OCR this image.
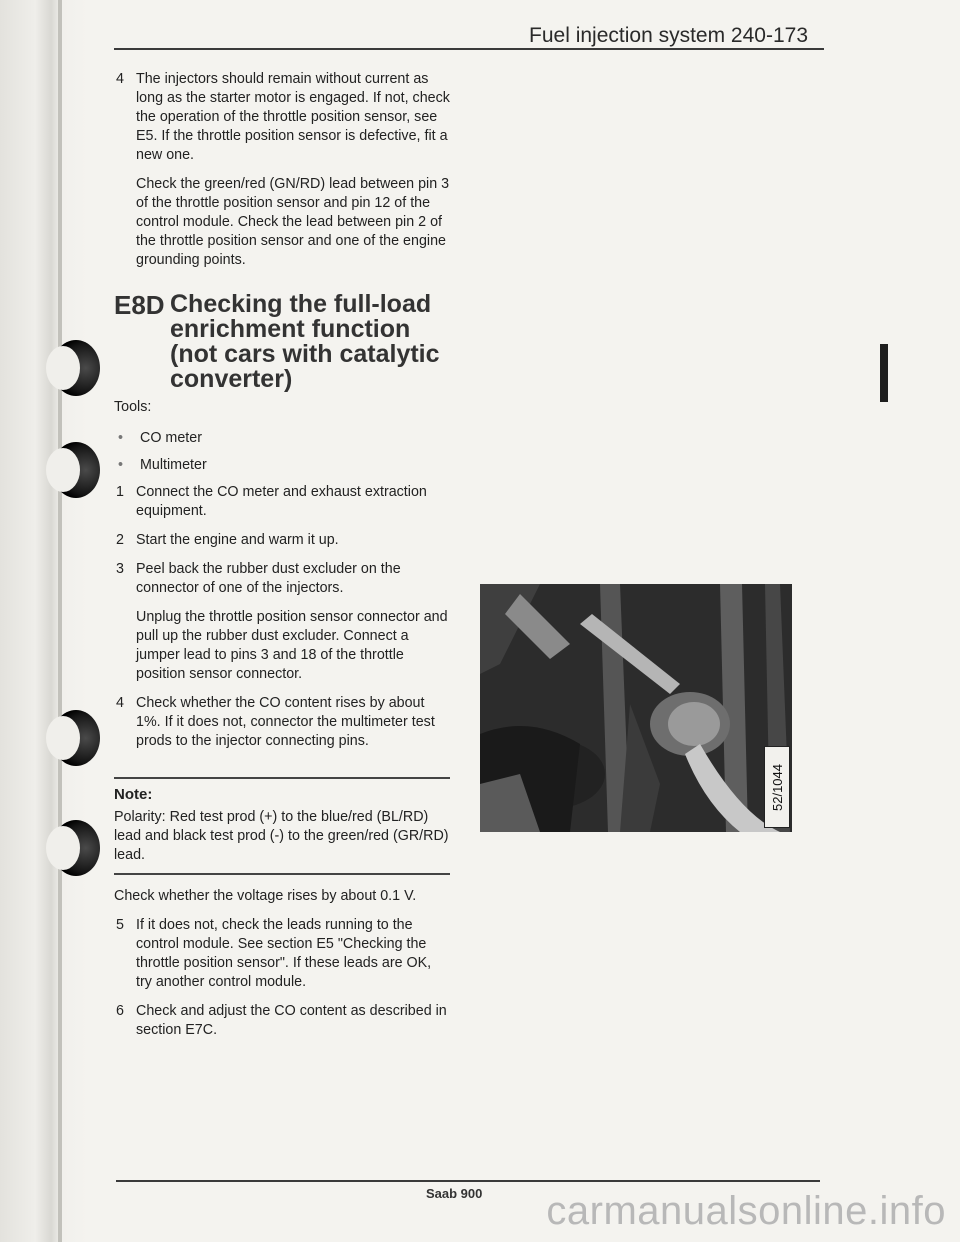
Fuel injection system 240-173
4 The injectors should remain without current as long as the starter motor is engaged. If not, check the operation of the throttle position sensor, see E5. If the throttle position sensor is defective, fit a new one.

Check the green/red (GN/RD) lead between pin 3 of the throttle position sensor and pin 12 of the control module. Check the lead between pin 2 of the throttle position sensor and one of the engine grounding points.

E8D Checking the full-load enrichment function (not cars with catalytic converter)
Tools:
•	CO meter
•	Multimeter
1 Connect the CO meter and exhaust extraction equipment.
2 Start the engine and warm it up.
3 Peel back the rubber dust excluder on the connector of one of the injectors.

Unplug the throttle position sensor connector and pull up the rubber dust excluder. Connect a jumper lead to pins 3 and 18 of the throttle position sensor connector.

4 Check whether the CO content rises by about 1%. If it does not, connector the multimeter test prods to the injector connecting pins.
Note:
Polarity: Red test prod (+) to the blue/red (BL/RD) lead and black test prod (-) to the green/red (GR/RD) lead.

Check whether the voltage rises by about 0.1 V.

5 If it does not, check the leads running to the control module. See section E5 "Checking the throttle position sensor". If these leads are OK, try another control module.
6 Check and adjust the CO content as described in section E7C.
52/1044
Saab 900 carmanualsonline.info
